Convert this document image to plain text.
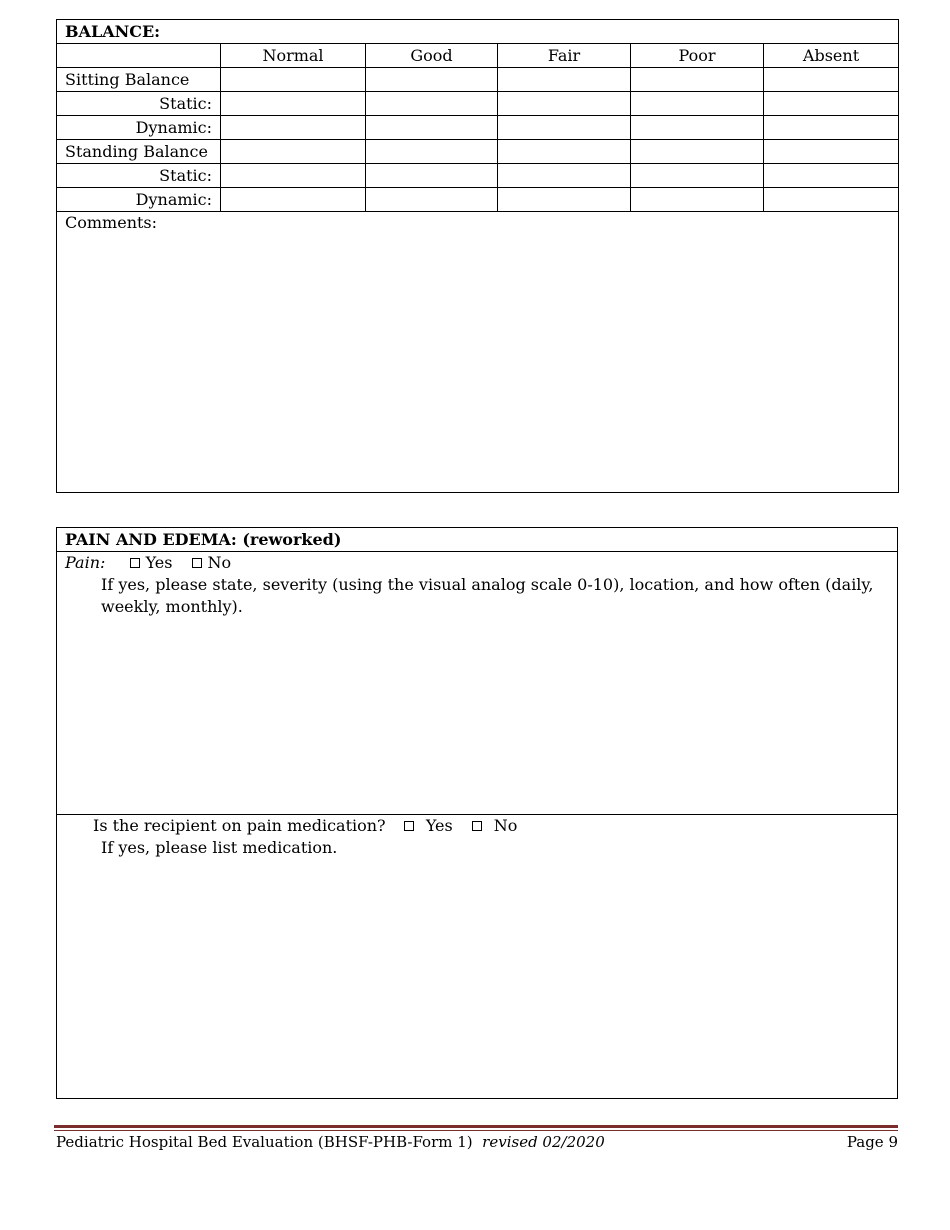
BALANCE:					
	Normal	Good	Fair	Poor	Absent
Sitting Balance					
Static:					
Dynamic:					
Standing Balance					
Static:					
Dynamic:					

Comments:					
PAIN AND EDEMA: (reworked)
Pain:	Yes No
If yes, please state, severity (using the visual analog scale 0-10), location, and how often (daily,
weekly, monthly).
Is the recipient on pain medication?	Yes	No
If yes, please list medication.
Pediatric Hospital Bed Evaluation (BHSF-PHB-Form 1) revised 02/2020	Page 9
